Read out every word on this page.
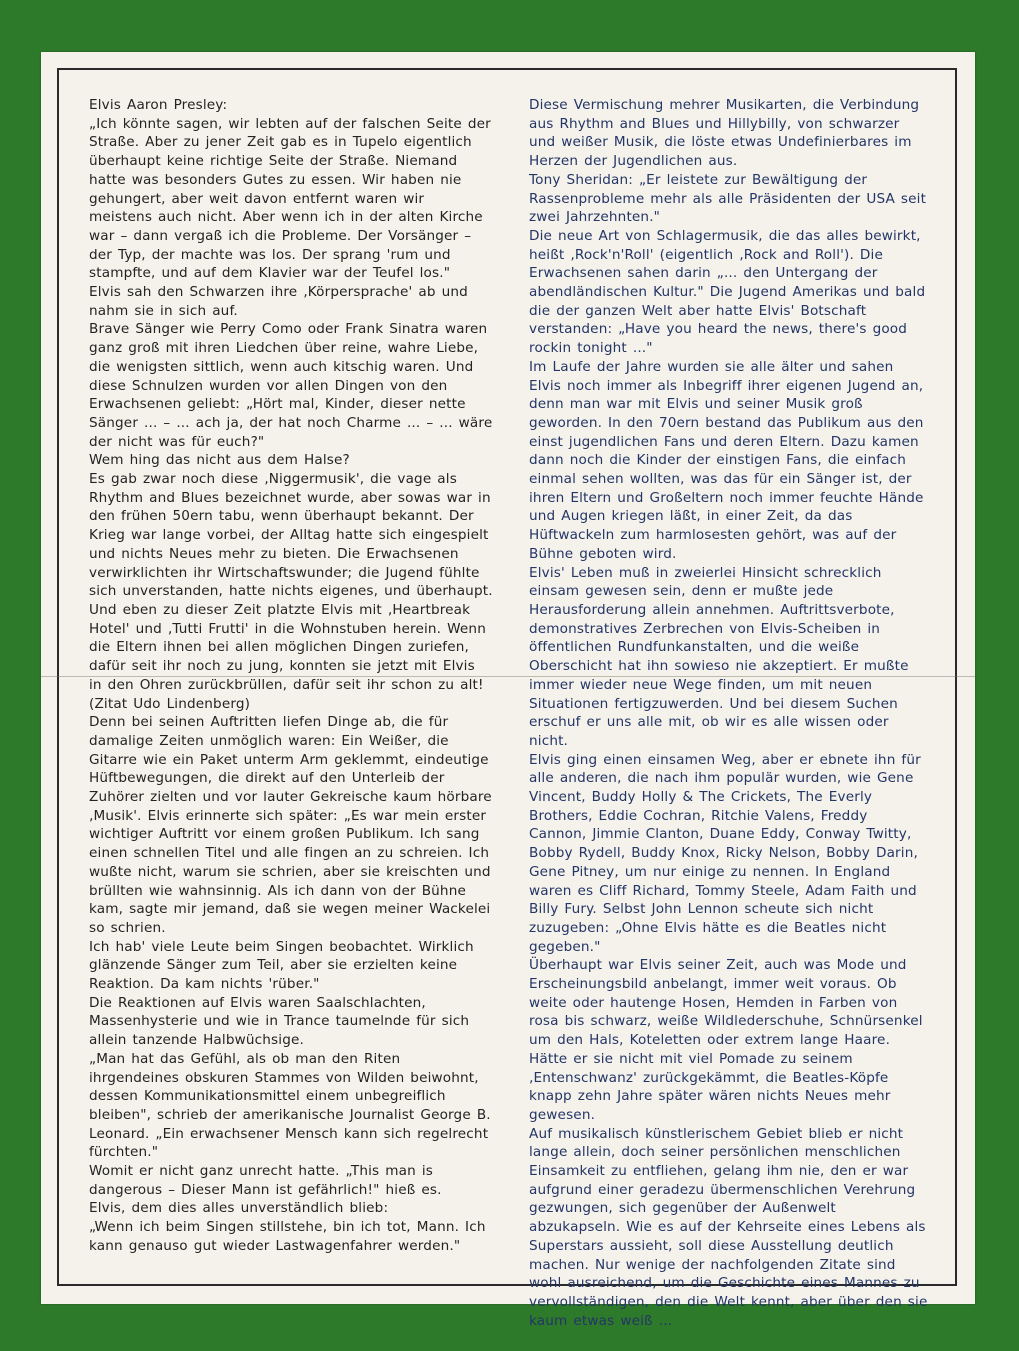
Elvis Aaron Presley:

„Ich könnte sagen, wir lebten auf der falschen Seite der Straße. Aber zu jener Zeit gab es in Tupelo eigentlich überhaupt keine richtige Seite der Straße. Niemand hatte was besonders Gutes zu essen. Wir haben nie gehungert, aber weit davon entfernt waren wir meistens auch nicht. Aber wenn ich in der alten Kirche war – dann vergaß ich die Probleme. Der Vorsänger – der Typ, der machte was los. Der sprang 'rum und stampfte, und auf dem Klavier war der Teufel los."

Elvis sah den Schwarzen ihre ‚Körpersprache' ab und nahm sie in sich auf.

Brave Sänger wie Perry Como oder Frank Sinatra waren ganz groß mit ihren Liedchen über reine, wahre Liebe, die wenigsten sittlich, wenn auch kitschig waren. Und diese Schnulzen wurden vor allen Dingen von den Erwachsenen geliebt: „Hört mal, Kinder, dieser nette Sänger ... – ... ach ja, der hat noch Charme ... – ... wäre der nicht was für euch?"

Wem hing das nicht aus dem Halse?

Es gab zwar noch diese ‚Niggermusik', die vage als Rhythm and Blues bezeichnet wurde, aber sowas war in den frühen 50ern tabu, wenn überhaupt bekannt. Der Krieg war lange vorbei, der Alltag hatte sich eingespielt und nichts Neues mehr zu bieten. Die Erwachsenen verwirklichten ihr Wirtschaftswunder; die Jugend fühlte sich unverstanden, hatte nichts eigenes, und überhaupt. Und eben zu dieser Zeit platzte Elvis mit ‚Heartbreak Hotel' und ‚Tutti Frutti' in die Wohnstuben herein. Wenn die Eltern ihnen bei allen möglichen Dingen zuriefen, dafür seit ihr noch zu jung, konnten sie jetzt mit Elvis in den Ohren zurückbrüllen, dafür seit ihr schon zu alt! (Zitat Udo Lindenberg)

Denn bei seinen Auftritten liefen Dinge ab, die für damalige Zeiten unmöglich waren: Ein Weißer, die Gitarre wie ein Paket unterm Arm geklemmt, eindeutige Hüftbewegungen, die direkt auf den Unterleib der Zuhörer zielten und vor lauter Gekreische kaum hörbare ‚Musik'. Elvis erinnerte sich später: „Es war mein erster wichtiger Auftritt vor einem großen Publikum. Ich sang einen schnellen Titel und alle fingen an zu schreien. Ich wußte nicht, warum sie schrien, aber sie kreischten und brüllten wie wahnsinnig. Als ich dann von der Bühne kam, sagte mir jemand, daß sie wegen meiner Wackelei so schrien.

Ich hab' viele Leute beim Singen beobachtet. Wirklich glänzende Sänger zum Teil, aber sie erzielten keine Reaktion. Da kam nichts 'rüber."

Die Reaktionen auf Elvis waren Saalschlachten, Massenhysterie und wie in Trance taumelnde für sich allein tanzende Halbwüchsige.

„Man hat das Gefühl, als ob man den Riten ihrgendeines obskuren Stammes von Wilden beiwohnt, dessen Kommunikationsmittel einem unbegreiflich bleiben", schrieb der amerikanische Journalist George B. Leonard. „Ein erwachsener Mensch kann sich regelrecht fürchten."

Womit er nicht ganz unrecht hatte. „This man is dangerous – Dieser Mann ist gefährlich!" hieß es.

Elvis, dem dies alles unverständlich blieb:

„Wenn ich beim Singen stillstehe, bin ich tot, Mann. Ich kann genauso gut wieder Lastwagenfahrer werden."

Diese Vermischung mehrer Musikarten, die Verbindung aus Rhythm and Blues und Hillybilly, von schwarzer und weißer Musik, die löste etwas Undefinierbares im Herzen der Jugendlichen aus.

Tony Sheridan: „Er leistete zur Bewältigung der Rassenprobleme mehr als alle Präsidenten der USA seit zwei Jahrzehnten."

Die neue Art von Schlagermusik, die das alles bewirkt, heißt ‚Rock'n'Roll' (eigentlich ‚Rock and Roll'). Die Erwachsenen sahen darin „... den Untergang der abendländischen Kultur." Die Jugend Amerikas und bald die der ganzen Welt aber hatte Elvis' Botschaft verstanden: „Have you heard the news, there's good rockin tonight ..."

Im Laufe der Jahre wurden sie alle älter und sahen Elvis noch immer als Inbegriff ihrer eigenen Jugend an, denn man war mit Elvis und seiner Musik groß geworden. In den 70ern bestand das Publikum aus den einst jugendlichen Fans und deren Eltern. Dazu kamen dann noch die Kinder der einstigen Fans, die einfach einmal sehen wollten, was das für ein Sänger ist, der ihren Eltern und Großeltern noch immer feuchte Hände und Augen kriegen läßt, in einer Zeit, da das Hüftwackeln zum harmlosesten gehört, was auf der Bühne geboten wird.

Elvis' Leben muß in zweierlei Hinsicht schrecklich einsam gewesen sein, denn er mußte jede Herausforderung allein annehmen. Auftrittsverbote, demonstratives Zerbrechen von Elvis-Scheiben in öffentlichen Rundfunkanstalten, und die weiße Oberschicht hat ihn sowieso nie akzeptiert. Er mußte immer wieder neue Wege finden, um mit neuen Situationen fertigzuwerden. Und bei diesem Suchen erschuf er uns alle mit, ob wir es alle wissen oder nicht.

Elvis ging einen einsamen Weg, aber er ebnete ihn für alle anderen, die nach ihm populär wurden, wie Gene Vincent, Buddy Holly & The Crickets, The Everly Brothers, Eddie Cochran, Ritchie Valens, Freddy Cannon, Jimmie Clanton, Duane Eddy, Conway Twitty, Bobby Rydell, Buddy Knox, Ricky Nelson, Bobby Darin, Gene Pitney, um nur einige zu nennen. In England waren es Cliff Richard, Tommy Steele, Adam Faith und Billy Fury. Selbst John Lennon scheute sich nicht zuzugeben: „Ohne Elvis hätte es die Beatles nicht gegeben."

Überhaupt war Elvis seiner Zeit, auch was Mode und Erscheinungsbild anbelangt, immer weit voraus. Ob weite oder hautenge Hosen, Hemden in Farben von rosa bis schwarz, weiße Wildlederschuhe, Schnürsenkel um den Hals, Koteletten oder extrem lange Haare. Hätte er sie nicht mit viel Pomade zu seinem ‚Entenschwanz' zurückgekämmt, die Beatles-Köpfe knapp zehn Jahre später wären nichts Neues mehr gewesen.

Auf musikalisch künstlerischem Gebiet blieb er nicht lange allein, doch seiner persönlichen menschlichen Einsamkeit zu entfliehen, gelang ihm nie, den er war aufgrund einer geradezu übermenschlichen Verehrung gezwungen, sich gegenüber der Außenwelt abzukapseln. Wie es auf der Kehrseite eines Lebens als Superstars aussieht, soll diese Ausstellung deutlich machen. Nur wenige der nachfolgenden Zitate sind wohl ausreichend, um die Geschichte eines Mannes zu vervollständigen, den die Welt kennt, aber über den sie kaum etwas weiß ...
